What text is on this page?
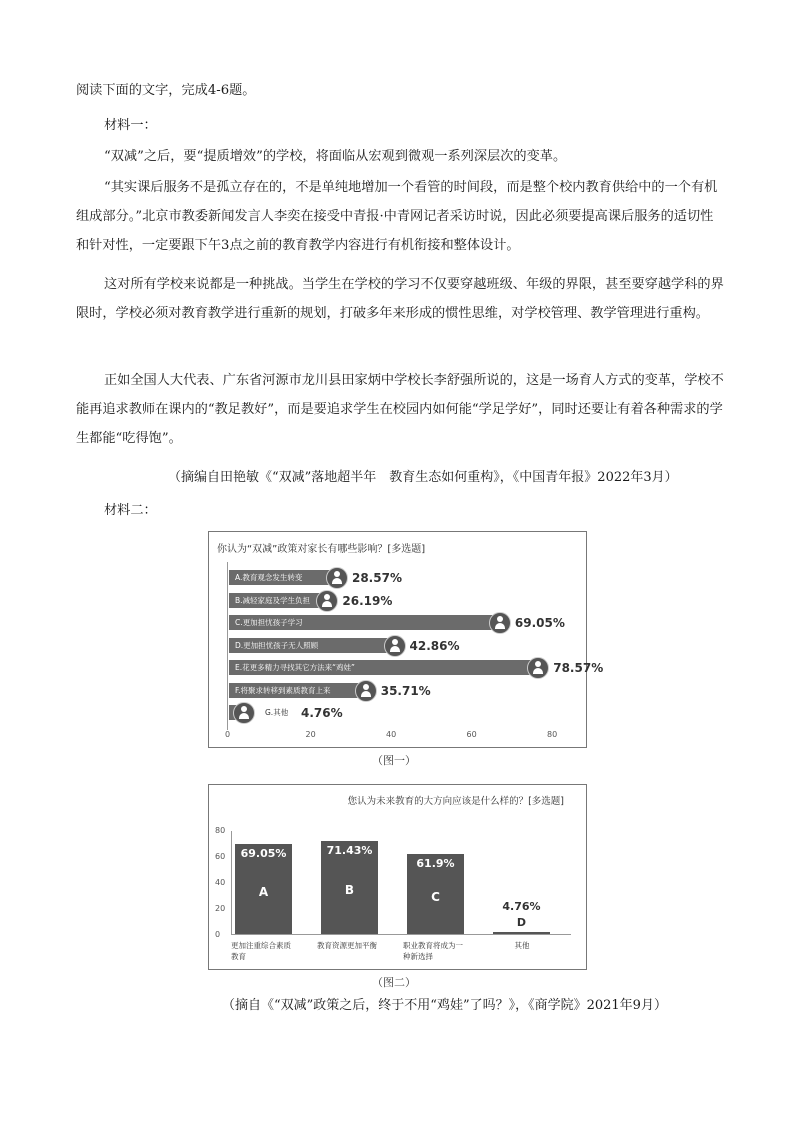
阅读下面的文字，完成4-6题。

材料一：

“双减”之后，要“提质增效”的学校，将面临从宏观到微观一系列深层次的变革。

“其实课后服务不是孤立存在的，不是单纯地增加一个看管的时间段，而是整个校内教育供给中的一个有机组成部分。”北京市教委新闻发言人李奕在接受中青报·中青网记者采访时说，因此必须要提高课后服务的适切性和针对性，一定要跟下午3点之前的教育教学内容进行有机衔接和整体设计。

这对所有学校来说都是一种挑战。当学生在学校的学习不仅要穿越班级、年级的界限，甚至要穿越学科的界限时，学校必须对教育教学进行重新的规划，打破多年来形成的惯性思维，对学校管理、教学管理进行重构。

正如全国人大代表、广东省河源市龙川县田家炳中学校长李舒强所说的，这是一场育人方式的变革，学校不能再追求教师在课内的“教足教好”，而是要追求学生在校园内如何能“学足学好”，同时还要让有着各种需求的学生都能“吃得饱”。

（摘编自田艳敏《“双减”落地超半年　教育生态如何重构》，《中国青年报》2022年3月）

材料二：

你认为“双减”政策对家长有哪些影响？[多选题]
A.教育观念发生转变	28.57%
B.减轻家庭及学生负担	26.19%
C.更加担忧孩子学习	69.05%
D.更加担忧孩子无人照顾	42.86%
E.花更多精力寻找其它方法来“鸡娃”	78.57%
F.将聚求转移到素质教育上来	35.71%
G.其他 4.76%
0	20	40	60	80
（图一）
您认为未来教育的大方向应该是什么样的？[多选题]
80
60
40
20
0
69.05%
A
更加注重综合素质教育
71.43%
B
教育资源更加平衡
61.9%
C
职业教育将成为一种新选择
4.76%
D
其他
（图二）

（摘自《“双减”政策之后，终于不用“鸡娃”了吗？》，《商学院》2021年9月）
